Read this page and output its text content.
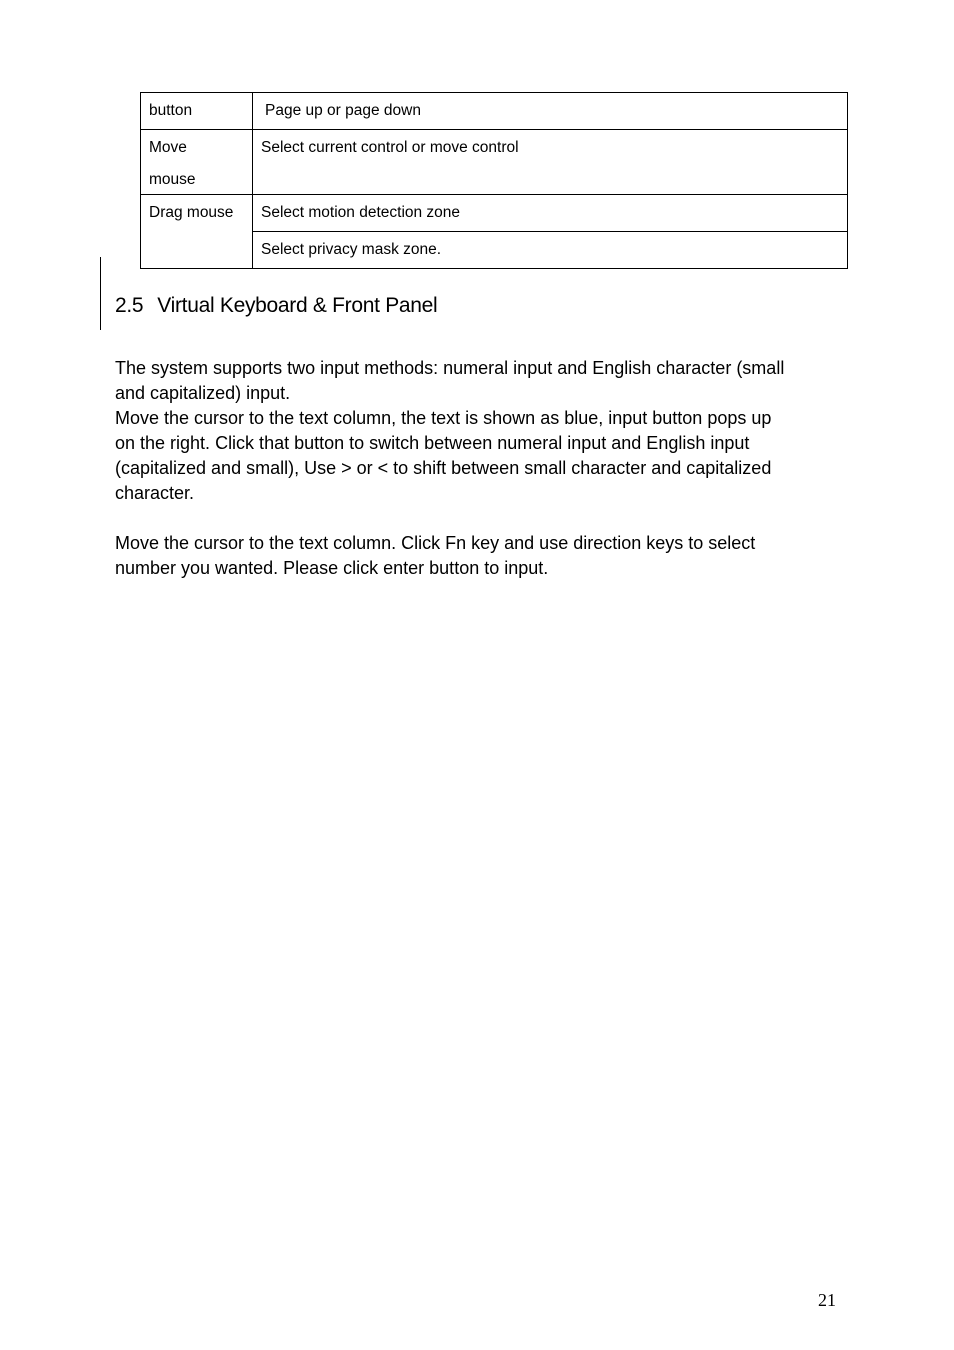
button	Page up or page down

Move
mouse	Select current control or move control

Drag mouse	Select motion detection zone

	Select privacy mask zone.
2.5 Virtual Keyboard & Front Panel

The system supports two input methods: numeral input and English character (small
and capitalized) input.
Move the cursor to the text column, the text is shown as blue, input button pops up
on the right. Click that button to switch between numeral input and English input
(capitalized and small), Use > or < to shift between small character and capitalized
character.

Move the cursor to the text column. Click Fn key and use direction keys to select
number you wanted. Please click enter button to input.

21
